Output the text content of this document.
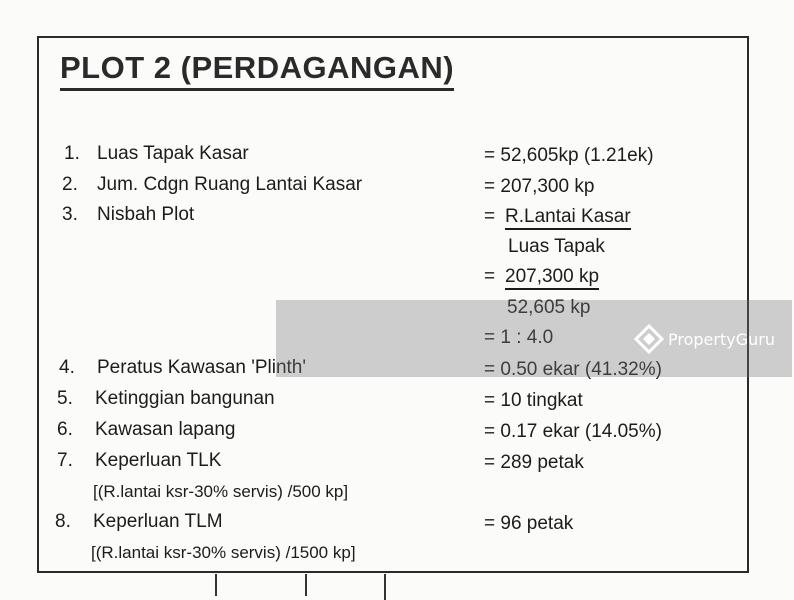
PLOT 2 (PERDAGANGAN)
1. Luas Tapak Kasar	= 52,605kp (1.21ek)
2. Jum. Cdgn Ruang Lantai Kasar	= 207,300 kp
3. Nisbah Plot	= R.Lantai Kasar
Luas Tapak
= 207,300 kp
52,605 kp
= 1 : 4.0
4. Peratus Kawasan 'Plinth'	= 0.50 ekar (41.32%)
5. Ketinggian bangunan	= 10 tingkat
6. Kawasan lapang	= 0.17 ekar (14.05%)
7. Keperluan TLK
[(R.lantai ksr-30% servis) /500 kp]
= 289 petak
8. Keperluan TLM
[(R.lantai ksr-30% servis) /1500 kp]
= 96 petak
PropertyGuru
